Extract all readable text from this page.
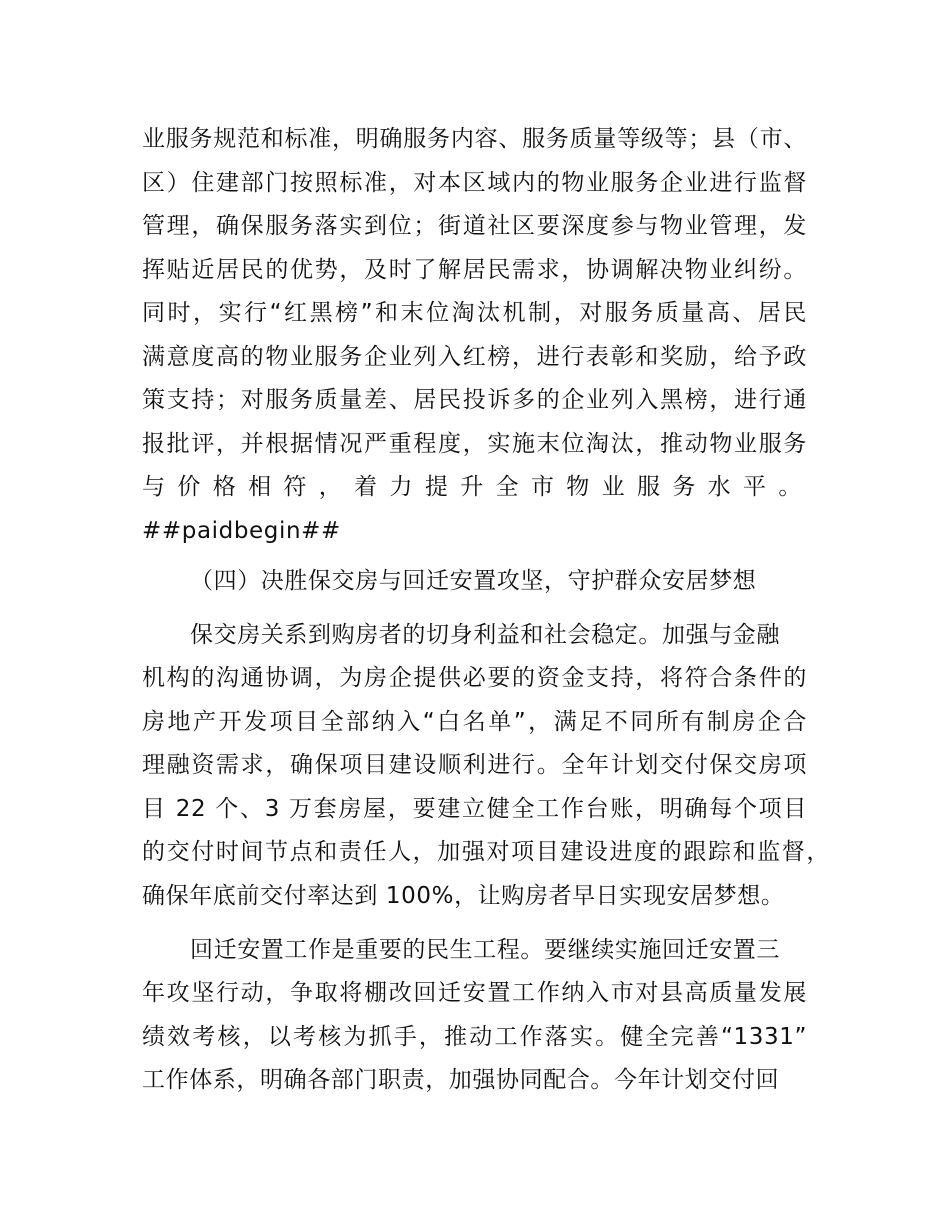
业服务规范和标准，明确服务内容、服务质量等级等；县（市、
区）住建部门按照标准，对本区域内的物业服务企业进行监督
管理，确保服务落实到位；街道社区要深度参与物业管理，发
挥贴近居民的优势，及时了解居民需求，协调解决物业纠纷。
同时，实行“红黑榜”和末位淘汰机制，对服务质量高、居民
满意度高的物业服务企业列入红榜，进行表彰和奖励，给予政
策支持；对服务质量差、居民投诉多的企业列入黑榜，进行通
报批评，并根据情况严重程度，实施末位淘汰，推动物业服务
与价格相符，着力提升全市物业服务水平。
##paidbegin##
（四）决胜保交房与回迁安置攻坚，守护群众安居梦想
保交房关系到购房者的切身利益和社会稳定。加强与金融
机构的沟通协调，为房企提供必要的资金支持，将符合条件的
房地产开发项目全部纳入“白名单”，满足不同所有制房企合
理融资需求，确保项目建设顺利进行。全年计划交付保交房项
目 22 个、3 万套房屋，要建立健全工作台账，明确每个项目
的交付时间节点和责任人，加强对项目建设进度的跟踪和监督，
确保年底前交付率达到 100%，让购房者早日实现安居梦想。
回迁安置工作是重要的民生工程。要继续实施回迁安置三
年攻坚行动，争取将棚改回迁安置工作纳入市对县高质量发展
绩效考核，以考核为抓手，推动工作落实。健全完善“1331”
工作体系，明确各部门职责，加强协同配合。今年计划交付回
